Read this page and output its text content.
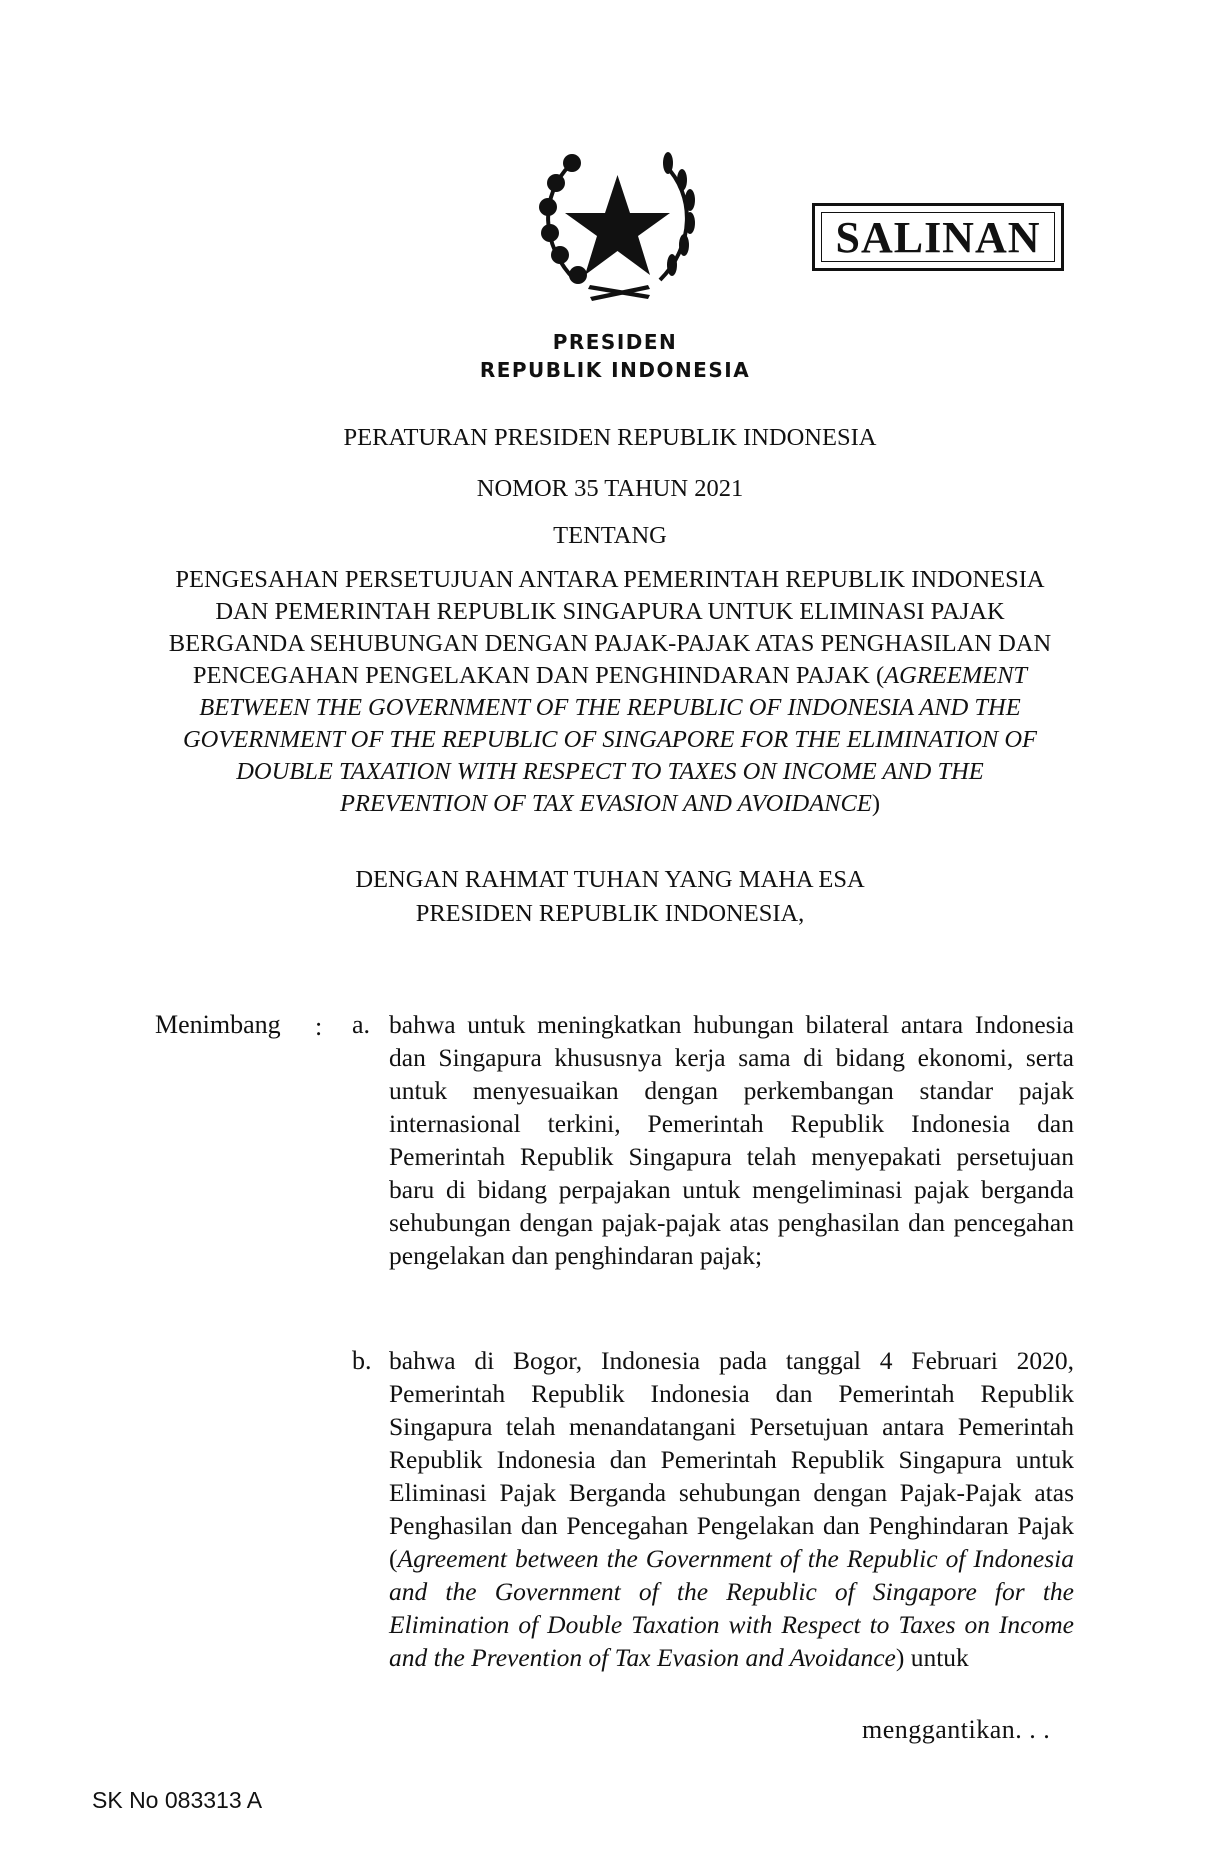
PRESIDEN
REPUBLIK INDONESIA
SALINAN
PERATURAN PRESIDEN REPUBLIK INDONESIA
NOMOR 35 TAHUN 2021
TENTANG
PENGESAHAN PERSETUJUAN ANTARA PEMERINTAH REPUBLIK INDONESIA
DAN PEMERINTAH REPUBLIK SINGAPURA UNTUK ELIMINASI PAJAK
BERGANDA SEHUBUNGAN DENGAN PAJAK-PAJAK ATAS PENGHASILAN DAN
PENCEGAHAN PENGELAKAN DAN PENGHINDARAN PAJAK (AGREEMENT
BETWEEN THE GOVERNMENT OF THE REPUBLIC OF INDONESIA AND THE
GOVERNMENT OF THE REPUBLIC OF SINGAPORE FOR THE ELIMINATION OF
DOUBLE TAXATION WITH RESPECT TO TAXES ON INCOME AND THE
PREVENTION OF TAX EVASION AND AVOIDANCE)
DENGAN RAHMAT TUHAN YANG MAHA ESA
PRESIDEN REPUBLIK INDONESIA,
Menimbang : a. bahwa untuk meningkatkan hubungan bilateral antara Indonesia dan Singapura khususnya kerja sama di bidang ekonomi, serta untuk menyesuaikan dengan perkembangan standar pajak internasional terkini, Pemerintah Republik Indonesia dan Pemerintah Republik Singapura telah menyepakati persetujuan baru di bidang perpajakan untuk mengeliminasi pajak berganda sehubungan dengan pajak-pajak atas penghasilan dan pencegahan pengelakan dan penghindaran pajak;

b. bahwa di Bogor, Indonesia pada tanggal 4 Februari 2020, Pemerintah Republik Indonesia dan Pemerintah Republik Singapura telah menandatangani Persetujuan antara Pemerintah Republik Indonesia dan Pemerintah Republik Singapura untuk Eliminasi Pajak Berganda sehubungan dengan Pajak-Pajak atas Penghasilan dan Pencegahan Pengelakan dan Penghindaran Pajak (Agreement between the Government of the Republic of Indonesia and the Government of the Republic of Singapore for the Elimination of Double Taxation with Respect to Taxes on Income and the Prevention of Tax Evasion and Avoidance) untuk

menggantikan. . .
SK No 083313 A
